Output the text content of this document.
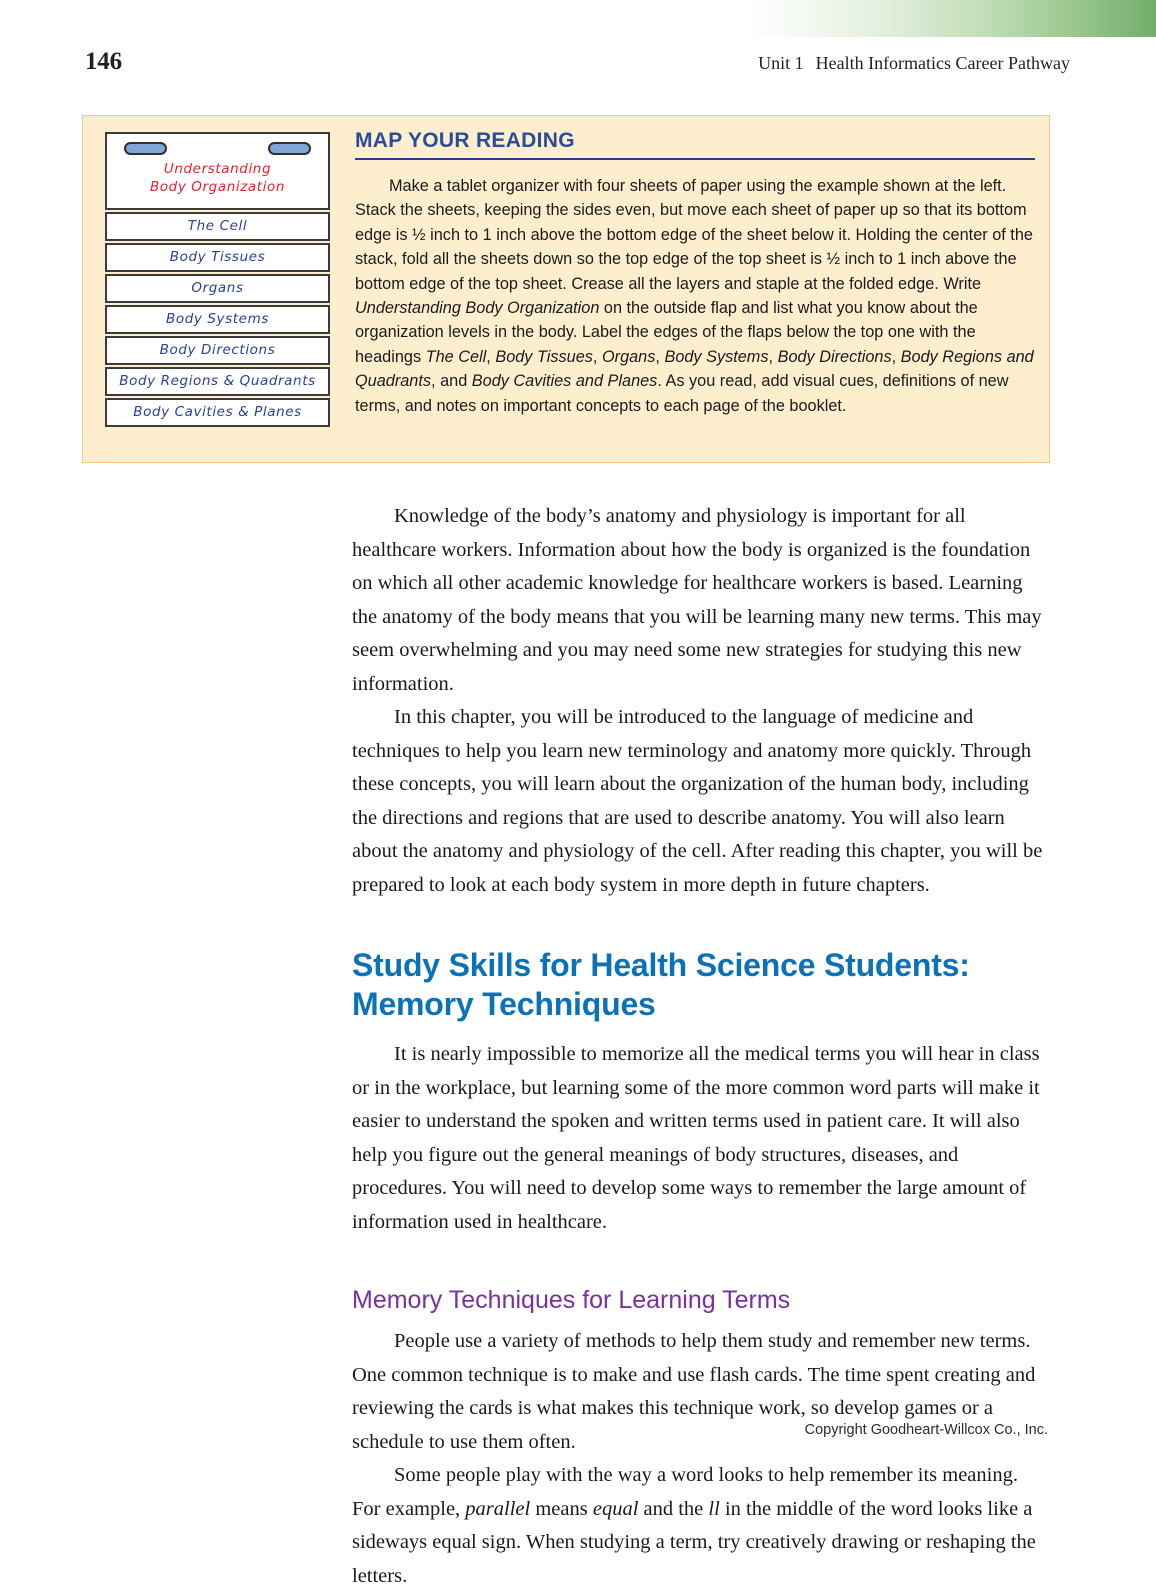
146	Unit 1 Health Informatics Career Pathway
Understanding
Body Organization
The Cell
Body Tissues
Organs
Body Systems
Body Directions
Body Regions & Quadrants
Body Cavities & Planes
MAP YOUR READING

Make a tablet organizer with four sheets of paper using the example shown at the left. Stack the sheets, keeping the sides even, but move each sheet of paper up so that its bottom edge is ½ inch to 1 inch above the bottom edge of the sheet below it. Holding the center of the stack, fold all the sheets down so the top edge of the top sheet is ½ inch to 1 inch above the bottom edge of the top sheet. Crease all the layers and staple at the folded edge. Write Understanding Body Organization on the outside flap and list what you know about the organization levels in the body. Label the edges of the flaps below the top one with the headings The Cell, Body Tissues, Organs, Body Systems, Body Directions, Body Regions and Quadrants, and Body Cavities and Planes. As you read, add visual cues, definitions of new terms, and notes on important concepts to each page of the booklet.

Knowledge of the body’s anatomy and physiology is important for all healthcare workers. Information about how the body is organized is the foundation on which all other academic knowledge for healthcare workers is based. Learning the anatomy of the body means that you will be learning many new terms. This may seem overwhelming and you may need some new strategies for studying this new information.

In this chapter, you will be introduced to the language of medicine and techniques to help you learn new terminology and anatomy more quickly. Through these concepts, you will learn about the organization of the human body, including the directions and regions that are used to describe anatomy. You will also learn about the anatomy and physiology of the cell. After reading this chapter, you will be prepared to look at each body system in more depth in future chapters.

Study Skills for Health Science Students: Memory Techniques

It is nearly impossible to memorize all the medical terms you will hear in class or in the workplace, but learning some of the more common word parts will make it easier to understand the spoken and written terms used in patient care. It will also help you figure out the general meanings of body structures, diseases, and procedures. You will need to develop some ways to remember the large amount of information used in healthcare.

Memory Techniques for Learning Terms

People use a variety of methods to help them study and remember new terms. One common technique is to make and use flash cards. The time spent creating and reviewing the cards is what makes this technique work, so develop games or a schedule to use them often.

Some people play with the way a word looks to help remember its meaning. For example, parallel means equal and the ll in the middle of the word looks like a sideways equal sign. When studying a term, try creatively drawing or reshaping the letters.

Copyright Goodheart-Willcox Co., Inc.
